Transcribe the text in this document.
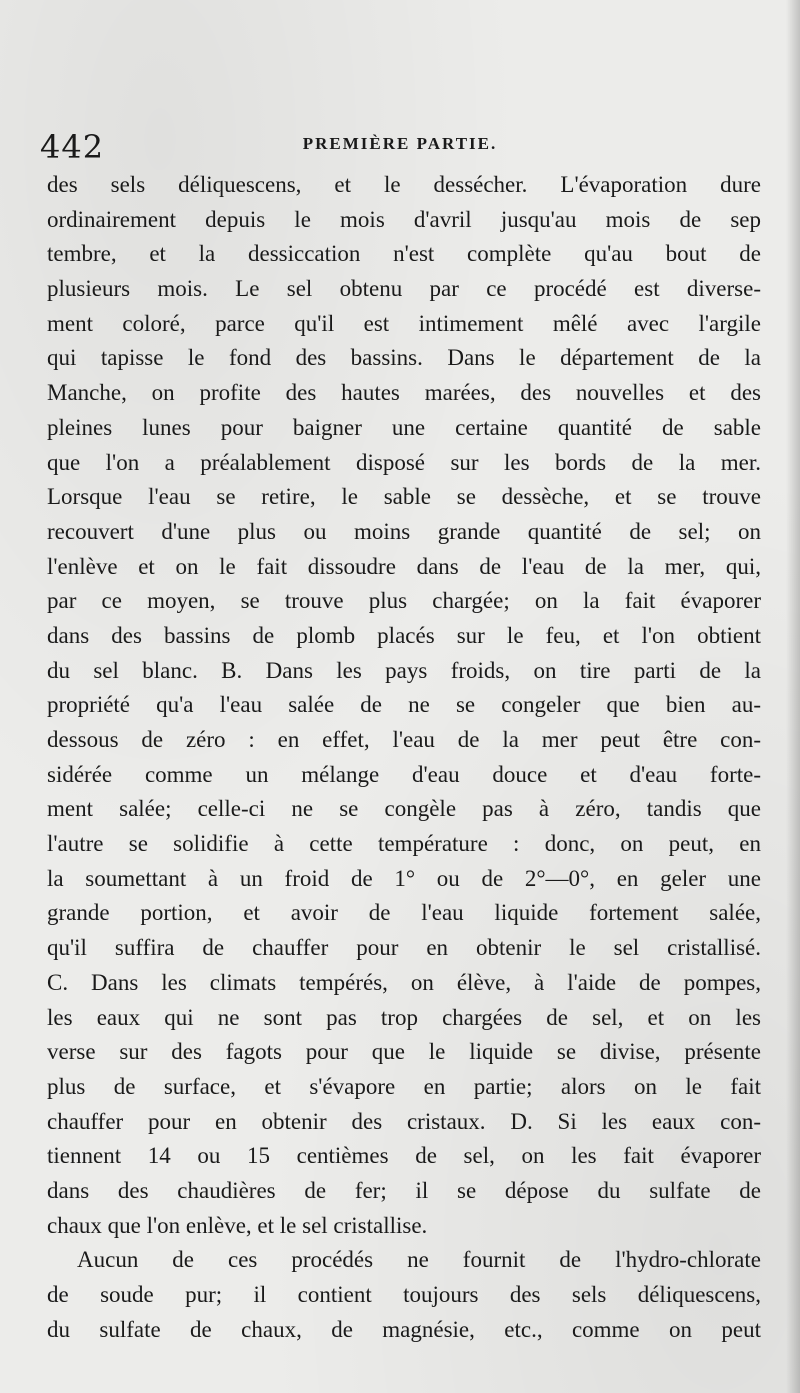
442	PREMIÈRE PARTIE.
des sels déliquescens, et le dessécher. L'évaporation dure
ordinairement depuis le mois d'avril jusqu'au mois de sep
tembre, et la dessiccation n'est complète qu'au bout de
plusieurs mois. Le sel obtenu par ce procédé est diverse-
ment coloré, parce qu'il est intimement mêlé avec l'argile
qui tapisse le fond des bassins. Dans le département de la
Manche, on profite des hautes marées, des nouvelles et des
pleines lunes pour baigner une certaine quantité de sable
que l'on a préalablement disposé sur les bords de la mer.
Lorsque l'eau se retire, le sable se dessèche, et se trouve
recouvert d'une plus ou moins grande quantité de sel; on
l'enlève et on le fait dissoudre dans de l'eau de la mer, qui,
par ce moyen, se trouve plus chargée; on la fait évaporer
dans des bassins de plomb placés sur le feu, et l'on obtient
du sel blanc. B. Dans les pays froids, on tire parti de la
propriété qu'a l'eau salée de ne se congeler que bien au-
dessous de zéro : en effet, l'eau de la mer peut être con-
sidérée comme un mélange d'eau douce et d'eau forte-
ment salée; celle-ci ne se congèle pas à zéro, tandis que
l'autre se solidifie à cette température : donc, on peut, en
la soumettant à un froid de 1° ou de 2°—0°, en geler une
grande portion, et avoir de l'eau liquide fortement salée,
qu'il suffira de chauffer pour en obtenir le sel cristallisé.
C. Dans les climats tempérés, on élève, à l'aide de pompes,
les eaux qui ne sont pas trop chargées de sel, et on les
verse sur des fagots pour que le liquide se divise, présente
plus de surface, et s'évapore en partie; alors on le fait
chauffer pour en obtenir des cristaux. D. Si les eaux con-
tiennent 14 ou 15 centièmes de sel, on les fait évaporer
dans des chaudières de fer; il se dépose du sulfate de
chaux que l'on enlève, et le sel cristallise.
Aucun de ces procédés ne fournit de l'hydro-chlorate
de soude pur; il contient toujours des sels déliquescens,
du sulfate de chaux, de magnésie, etc., comme on peut
